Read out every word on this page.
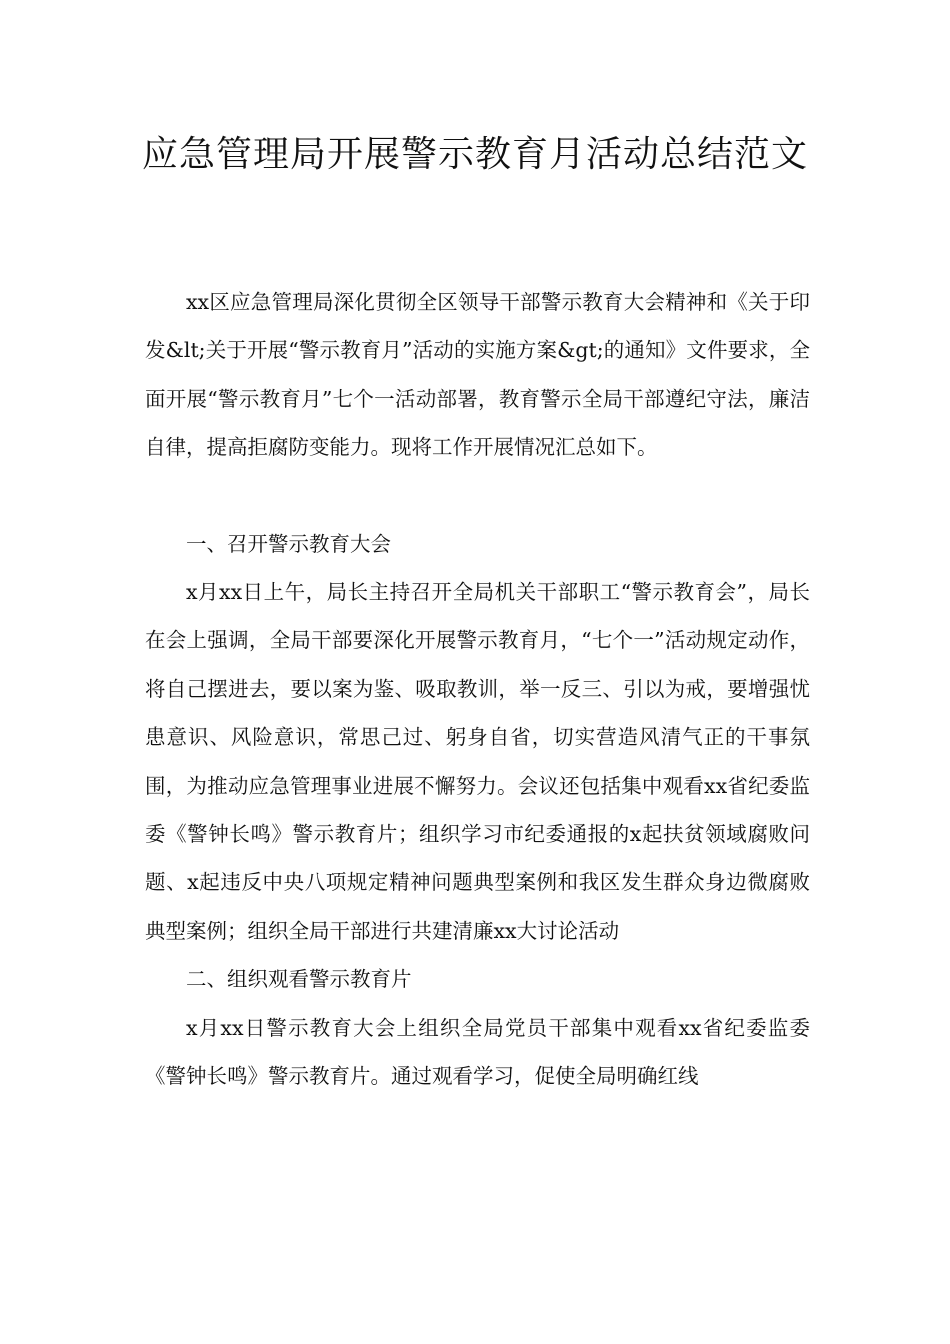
应急管理局开展警示教育月活动总结范文

xx区应急管理局深化贯彻全区领导干部警示教育大会精神和《关于印发&lt;关于开展“警示教育月”活动的实施方案&gt;的通知》文件要求，全面开展“警示教育月”七个一活动部署，教育警示全局干部遵纪守法，廉洁自律，提高拒腐防变能力。现将工作开展情况汇总如下。

一、召开警示教育大会

x月xx日上午，局长主持召开全局机关干部职工“警示教育会”，局长在会上强调，全局干部要深化开展警示教育月，“七个一”活动规定动作，将自己摆进去，要以案为鉴、吸取教训，举一反三、引以为戒，要增强忧患意识、风险意识，常思己过、躬身自省，切实营造风清气正的干事氛围，为推动应急管理事业进展不懈努力。会议还包括集中观看xx省纪委监委《警钟长鸣》警示教育片；组织学习市纪委通报的x起扶贫领域腐败问题、x起违反中央八项规定精神问题典型案例和我区发生群众身边微腐败典型案例；组织全局干部进行共建清廉xx大讨论活动

二、组织观看警示教育片

x月xx日警示教育大会上组织全局党员干部集中观看xx省纪委监委《警钟长鸣》警示教育片。通过观看学习，促使全局明确红线
